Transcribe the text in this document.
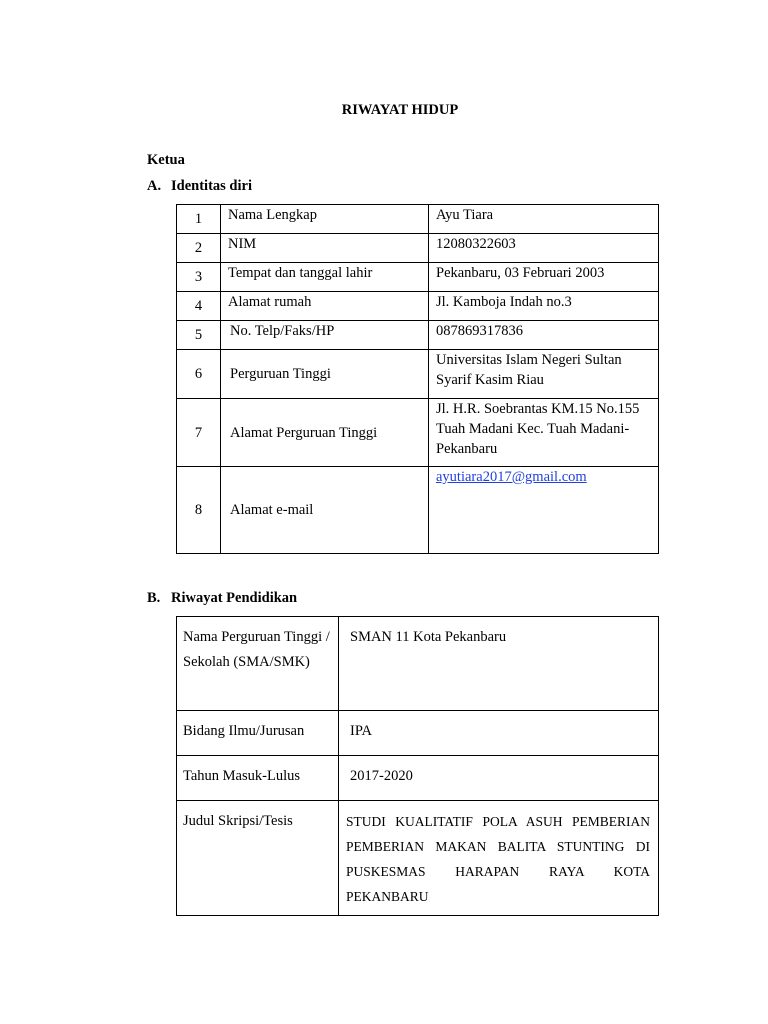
RIWAYAT HIDUP
Ketua
A. Identitas diri
1	Nama Lengkap	Ayu Tiara
2	NIM	12080322603
3	Tempat dan tanggal lahir	Pekanbaru, 03 Februari 2003
4	Alamat rumah	Jl. Kamboja Indah no.3
5	No. Telp/Faks/HP	087869317836
6	Perguruan Tinggi	Universitas Islam Negeri Sultan Syarif Kasim Riau
7	Alamat Perguruan Tinggi	Jl. H.R. Soebrantas KM.15 No.155 Tuah Madani Kec. Tuah Madani-Pekanbaru
8	Alamat e-mail	ayutiara2017@gmail.com
B. Riwayat Pendidikan
Nama Perguruan Tinggi / Sekolah (SMA/SMK)	SMAN 11 Kota Pekanbaru
Bidang Ilmu/Jurusan	IPA
Tahun Masuk-Lulus	2017-2020
Judul Skripsi/Tesis	STUDI KUALITATIF POLA ASUH PEMBERIAN PEMBERIAN MAKAN BALITA STUNTING DI PUSKESMAS HARAPAN RAYA KOTA PEKANBARU
